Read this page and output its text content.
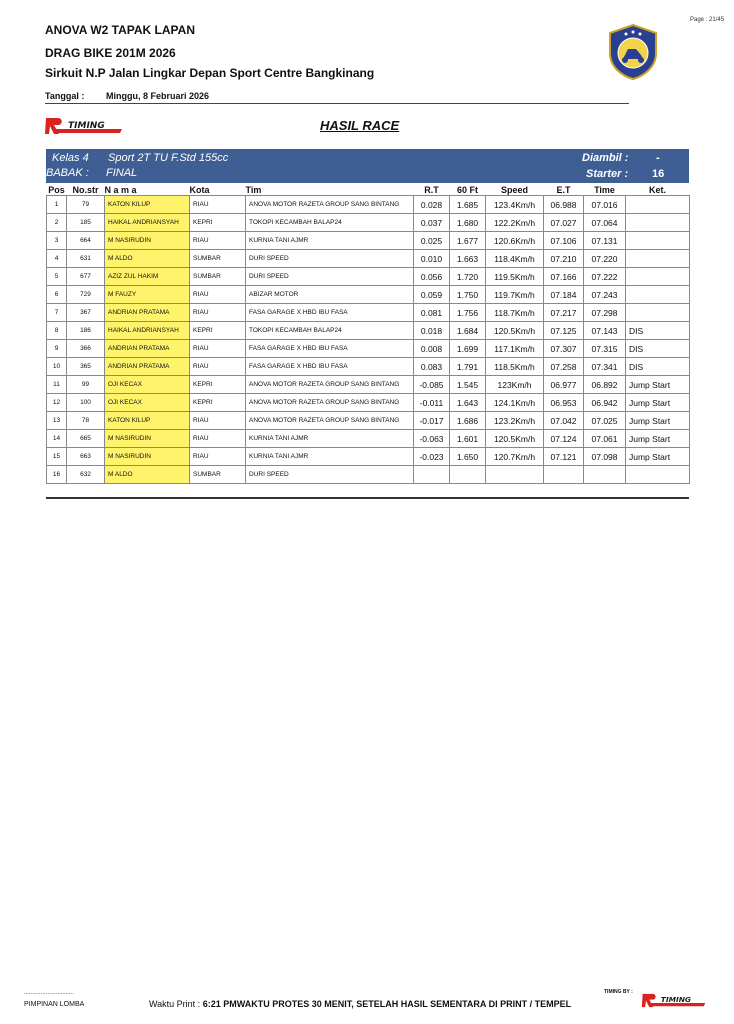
Page : 21/45
ANOVA W2 TAPAK LAPAN
DRAG BIKE 201M 2026
Sirkuit N.P Jalan Lingkar Depan Sport Centre Bangkinang
Tanggal : Minggu, 8 Februari 2026
TIMING	HASIL RACE
Kelas 4 Sport 2T TU F.Std 155cc
BABAK : FINAL
Diambil :	-
Starter : 16
Pos	No.str	N a m a	Kota	Tim	R.T	60 Ft	Speed	E.T	Time	Ket.
1	79	KATON KILUP	RIAU	ANOVA MOTOR RAZETA GROUP SANG BINTANG	0.028	1.685	123.4Km/h	06.988	07.016	
2	185	HAIKAL ANDRIANSYAH	KEPRI	TOKOPI KECAMBAH BALAP24	0.037	1.680	122.2Km/h	07.027	07.064	
3	664	M NASIRUDIN	RIAU	KURNIA TANI AJMR	0.025	1.677	120.6Km/h	07.106	07.131	
4	631	M ALDO	SUMBAR	DURI SPEED	0.010	1.663	118.4Km/h	07.210	07.220	
5	677	AZIZ ZUL HAKIM	SUMBAR	DURI SPEED	0.056	1.720	119.5Km/h	07.166	07.222	
6	729	M FAUZY	RIAU	ABIZAR MOTOR	0.059	1.750	119.7Km/h	07.184	07.243	
7	367	ANDRIAN PRATAMA	RIAU	FASA GARAGE X HBD IBU FASA	0.081	1.756	118.7Km/h	07.217	07.298	
8	186	HAIKAL ANDRIANSYAH	KEPRI	TOKOPI KECAMBAH BALAP24	0.018	1.684	120.5Km/h	07.125	07.143	DIS
9	366	ANDRIAN PRATAMA	RIAU	FASA GARAGE X HBD IBU FASA	0.008	1.699	117.1Km/h	07.307	07.315	DIS
10	365	ANDRIAN PRATAMA	RIAU	FASA GARAGE X HBD IBU FASA	0.083	1.791	118.5Km/h	07.258	07.341	DIS
11	99	OJI KECAX	KEPRI	ANOVA MOTOR RAZETA GROUP SANG BINTANG	-0.085	1.545	123Km/h	06.977	06.892	Jump Start
12	100	OJI KECAX	KEPRI	ANOVA MOTOR RAZETA GROUP SANG BINTANG	-0.011	1.643	124.1Km/h	06.953	06.942	Jump Start
13	78	KATON KILUP	RIAU	ANOVA MOTOR RAZETA GROUP SANG BINTANG	-0.017	1.686	123.2Km/h	07.042	07.025	Jump Start
14	665	M NASIRUDIN	RIAU	KURNIA TANI AJMR	-0.063	1.601	120.5Km/h	07.124	07.061	Jump Start
15	663	M NASIRUDIN	RIAU	KURNIA TANI AJMR	-0.023	1.650	120.7Km/h	07.121	07.098	Jump Start
16	632	M ALDO	SUMBAR	DURI SPEED						
..............................
PIMPINAN LOMBA	Waktu Print : 6:21 PMWAKTU PROTES 30 MENIT, SETELAH HASIL SEMENTARA DI PRINT / TEMPEL
TIMING BY :
TIMING
